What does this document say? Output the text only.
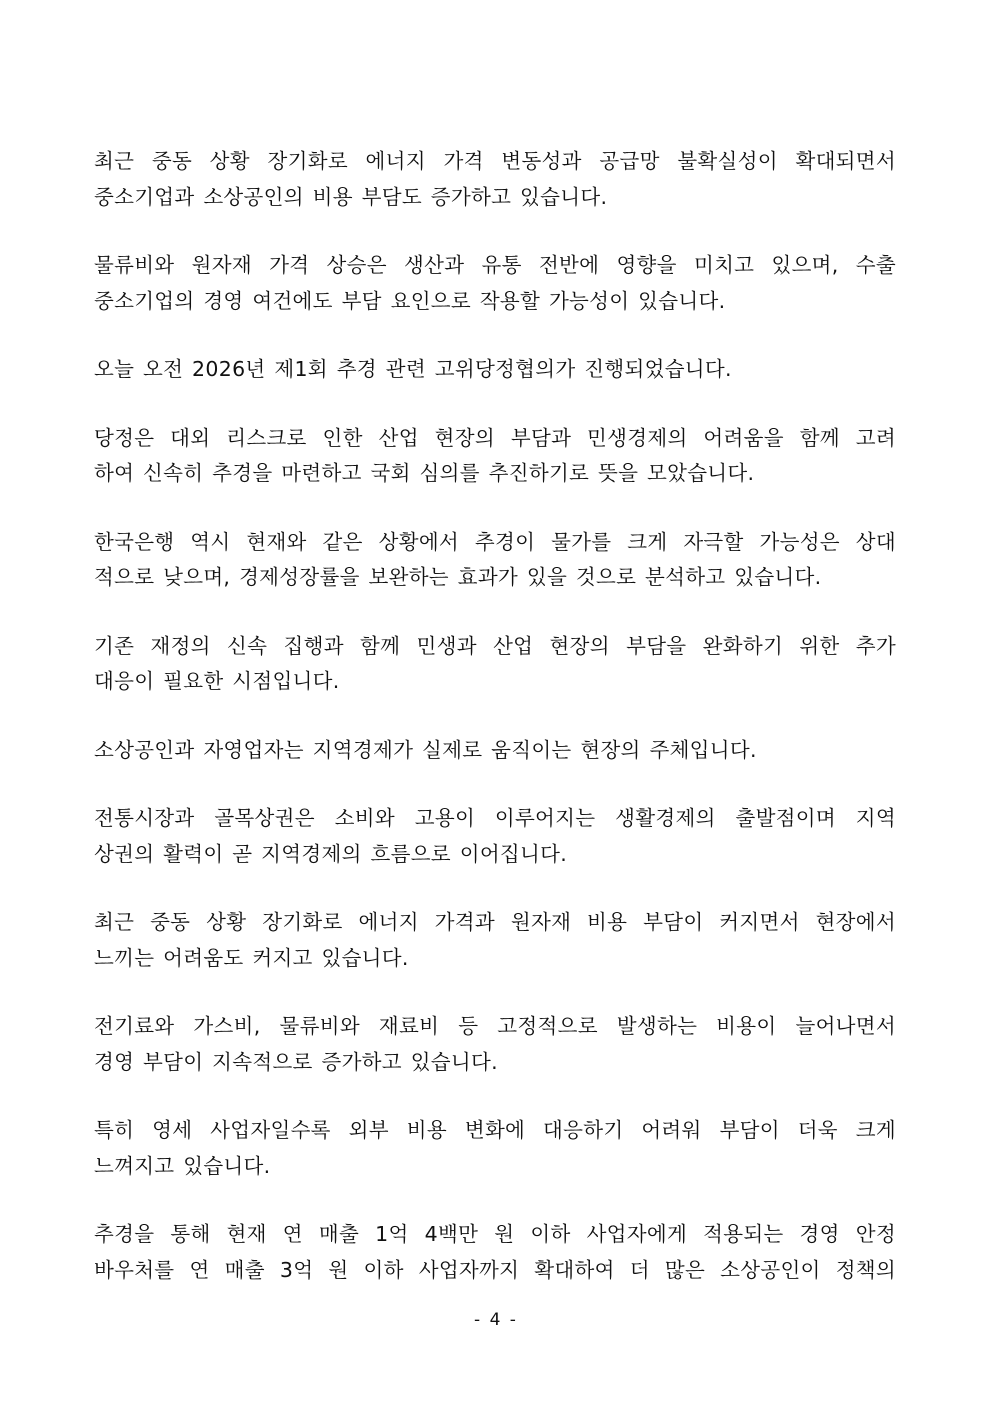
최근 중동 상황 장기화로 에너지 가격 변동성과 공급망 불확실성이 확대되면서
중소기업과 소상공인의 비용 부담도 증가하고 있습니다.
물류비와 원자재 가격 상승은 생산과 유통 전반에 영향을 미치고 있으며, 수출
중소기업의 경영 여건에도 부담 요인으로 작용할 가능성이 있습니다.
오늘 오전 2026년 제1회 추경 관련 고위당정협의가 진행되었습니다.
당정은 대외 리스크로 인한 산업 현장의 부담과 민생경제의 어려움을 함께 고려
하여 신속히 추경을 마련하고 국회 심의를 추진하기로 뜻을 모았습니다.
한국은행 역시 현재와 같은 상황에서 추경이 물가를 크게 자극할 가능성은 상대
적으로 낮으며, 경제성장률을 보완하는 효과가 있을 것으로 분석하고 있습니다.
기존 재정의 신속 집행과 함께 민생과 산업 현장의 부담을 완화하기 위한 추가
대응이 필요한 시점입니다.
소상공인과 자영업자는 지역경제가 실제로 움직이는 현장의 주체입니다.
전통시장과 골목상권은 소비와 고용이 이루어지는 생활경제의 출발점이며 지역
상권의 활력이 곧 지역경제의 흐름으로 이어집니다.
최근 중동 상황 장기화로 에너지 가격과 원자재 비용 부담이 커지면서 현장에서
느끼는 어려움도 커지고 있습니다.
전기료와 가스비, 물류비와 재료비 등 고정적으로 발생하는 비용이 늘어나면서
경영 부담이 지속적으로 증가하고 있습니다.
특히 영세 사업자일수록 외부 비용 변화에 대응하기 어려워 부담이 더욱 크게
느껴지고 있습니다.
추경을 통해 현재 연 매출 1억 4백만 원 이하 사업자에게 적용되는 경영 안정
바우처를 연 매출 3억 원 이하 사업자까지 확대하여 더 많은 소상공인이 정책의
- 4 -
